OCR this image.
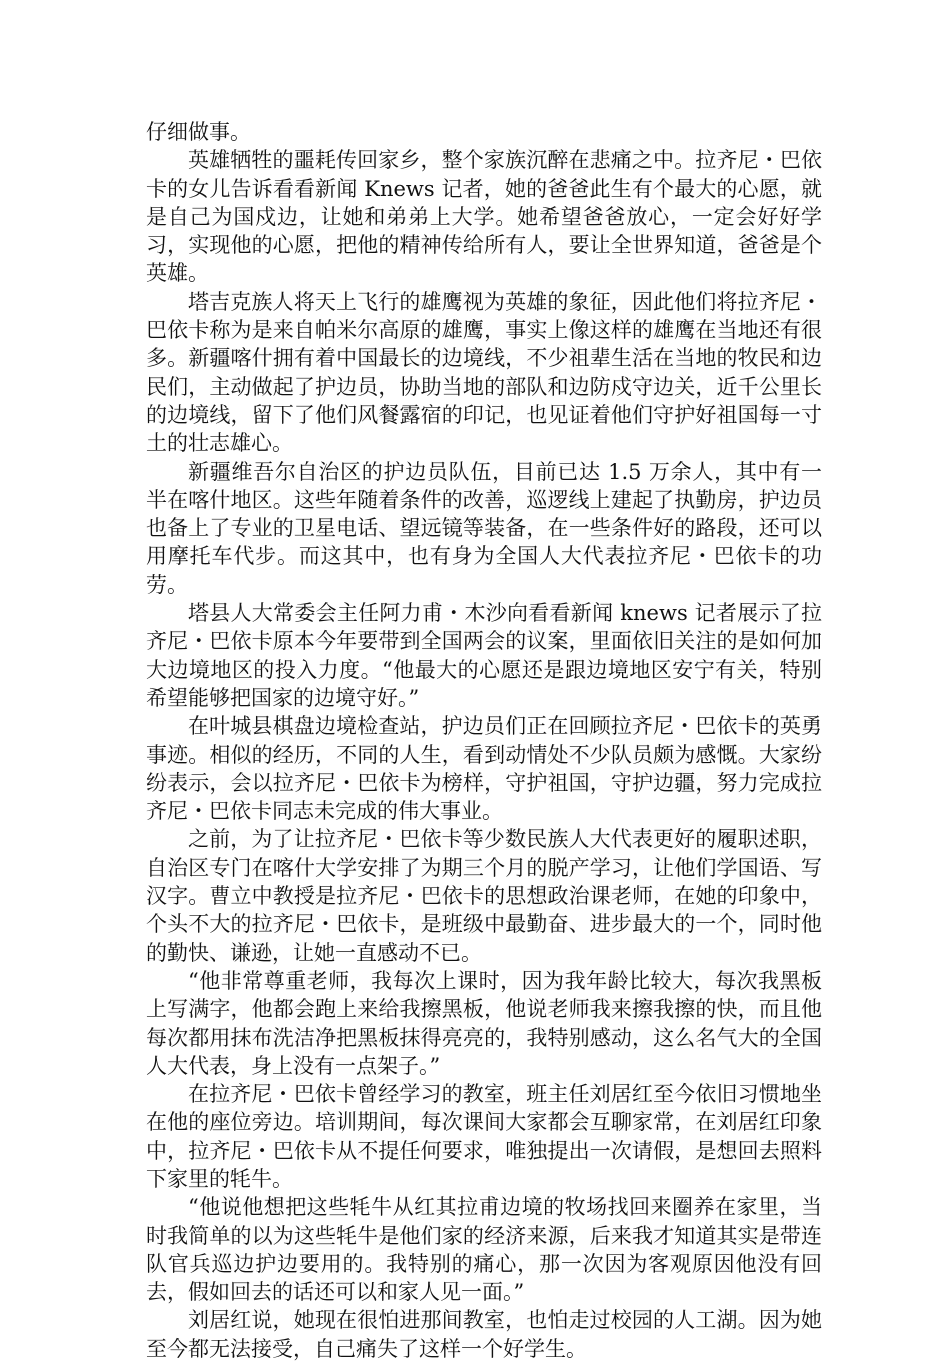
仔细做事。

英雄牺牲的噩耗传回家乡，整个家族沉醉在悲痛之中。拉齐尼・巴依卡的女儿告诉看看新闻 Knews 记者，她的爸爸此生有个最大的心愿，就是自己为国戍边，让她和弟弟上大学。她希望爸爸放心，一定会好好学习，实现他的心愿，把他的精神传给所有人，要让全世界知道，爸爸是个英雄。

塔吉克族人将天上飞行的雄鹰视为英雄的象征，因此他们将拉齐尼・巴依卡称为是来自帕米尔高原的雄鹰，事实上像这样的雄鹰在当地还有很多。新疆喀什拥有着中国最长的边境线，不少祖辈生活在当地的牧民和边民们，主动做起了护边员，协助当地的部队和边防戍守边关，近千公里长的边境线，留下了他们风餐露宿的印记，也见证着他们守护好祖国每一寸土的壮志雄心。

新疆维吾尔自治区的护边员队伍，目前已达 1.5 万余人，其中有一半在喀什地区。这些年随着条件的改善，巡逻线上建起了执勤房，护边员也备上了专业的卫星电话、望远镜等装备，在一些条件好的路段，还可以用摩托车代步。而这其中，也有身为全国人大代表拉齐尼・巴依卡的功劳。

塔县人大常委会主任阿力甫・木沙向看看新闻 knews 记者展示了拉齐尼・巴依卡原本今年要带到全国两会的议案，里面依旧关注的是如何加大边境地区的投入力度。“他最大的心愿还是跟边境地区安宁有关，特别希望能够把国家的边境守好。”

在叶城县棋盘边境检查站，护边员们正在回顾拉齐尼・巴依卡的英勇事迹。相似的经历，不同的人生，看到动情处不少队员颇为感慨。大家纷纷表示，会以拉齐尼・巴依卡为榜样，守护祖国，守护边疆，努力完成拉齐尼・巴依卡同志未完成的伟大事业。

之前，为了让拉齐尼・巴依卡等少数民族人大代表更好的履职述职，自治区专门在喀什大学安排了为期三个月的脱产学习，让他们学国语、写汉字。曹立中教授是拉齐尼・巴依卡的思想政治课老师，在她的印象中，个头不大的拉齐尼・巴依卡，是班级中最勤奋、进步最大的一个，同时他的勤快、谦逊，让她一直感动不已。

“他非常尊重老师，我每次上课时，因为我年龄比较大，每次我黑板上写满字，他都会跑上来给我擦黑板，他说老师我来擦我擦的快，而且他每次都用抹布洗洁净把黑板抹得亮亮的，我特别感动，这么名气大的全国人大代表，身上没有一点架子。”

在拉齐尼・巴依卡曾经学习的教室，班主任刘居红至今依旧习惯地坐在他的座位旁边。培训期间，每次课间大家都会互聊家常，在刘居红印象中，拉齐尼・巴依卡从不提任何要求，唯独提出一次请假，是想回去照料下家里的牦牛。

“他说他想把这些牦牛从红其拉甫边境的牧场找回来圈养在家里，当时我简单的以为这些牦牛是他们家的经济来源，后来我才知道其实是带连队官兵巡边护边要用的。我特别的痛心，那一次因为客观原因他没有回去，假如回去的话还可以和家人见一面。”

刘居红说，她现在很怕进那间教室，也怕走过校园的人工湖。因为她至今都无法接受，自己痛失了这样一个好学生。
